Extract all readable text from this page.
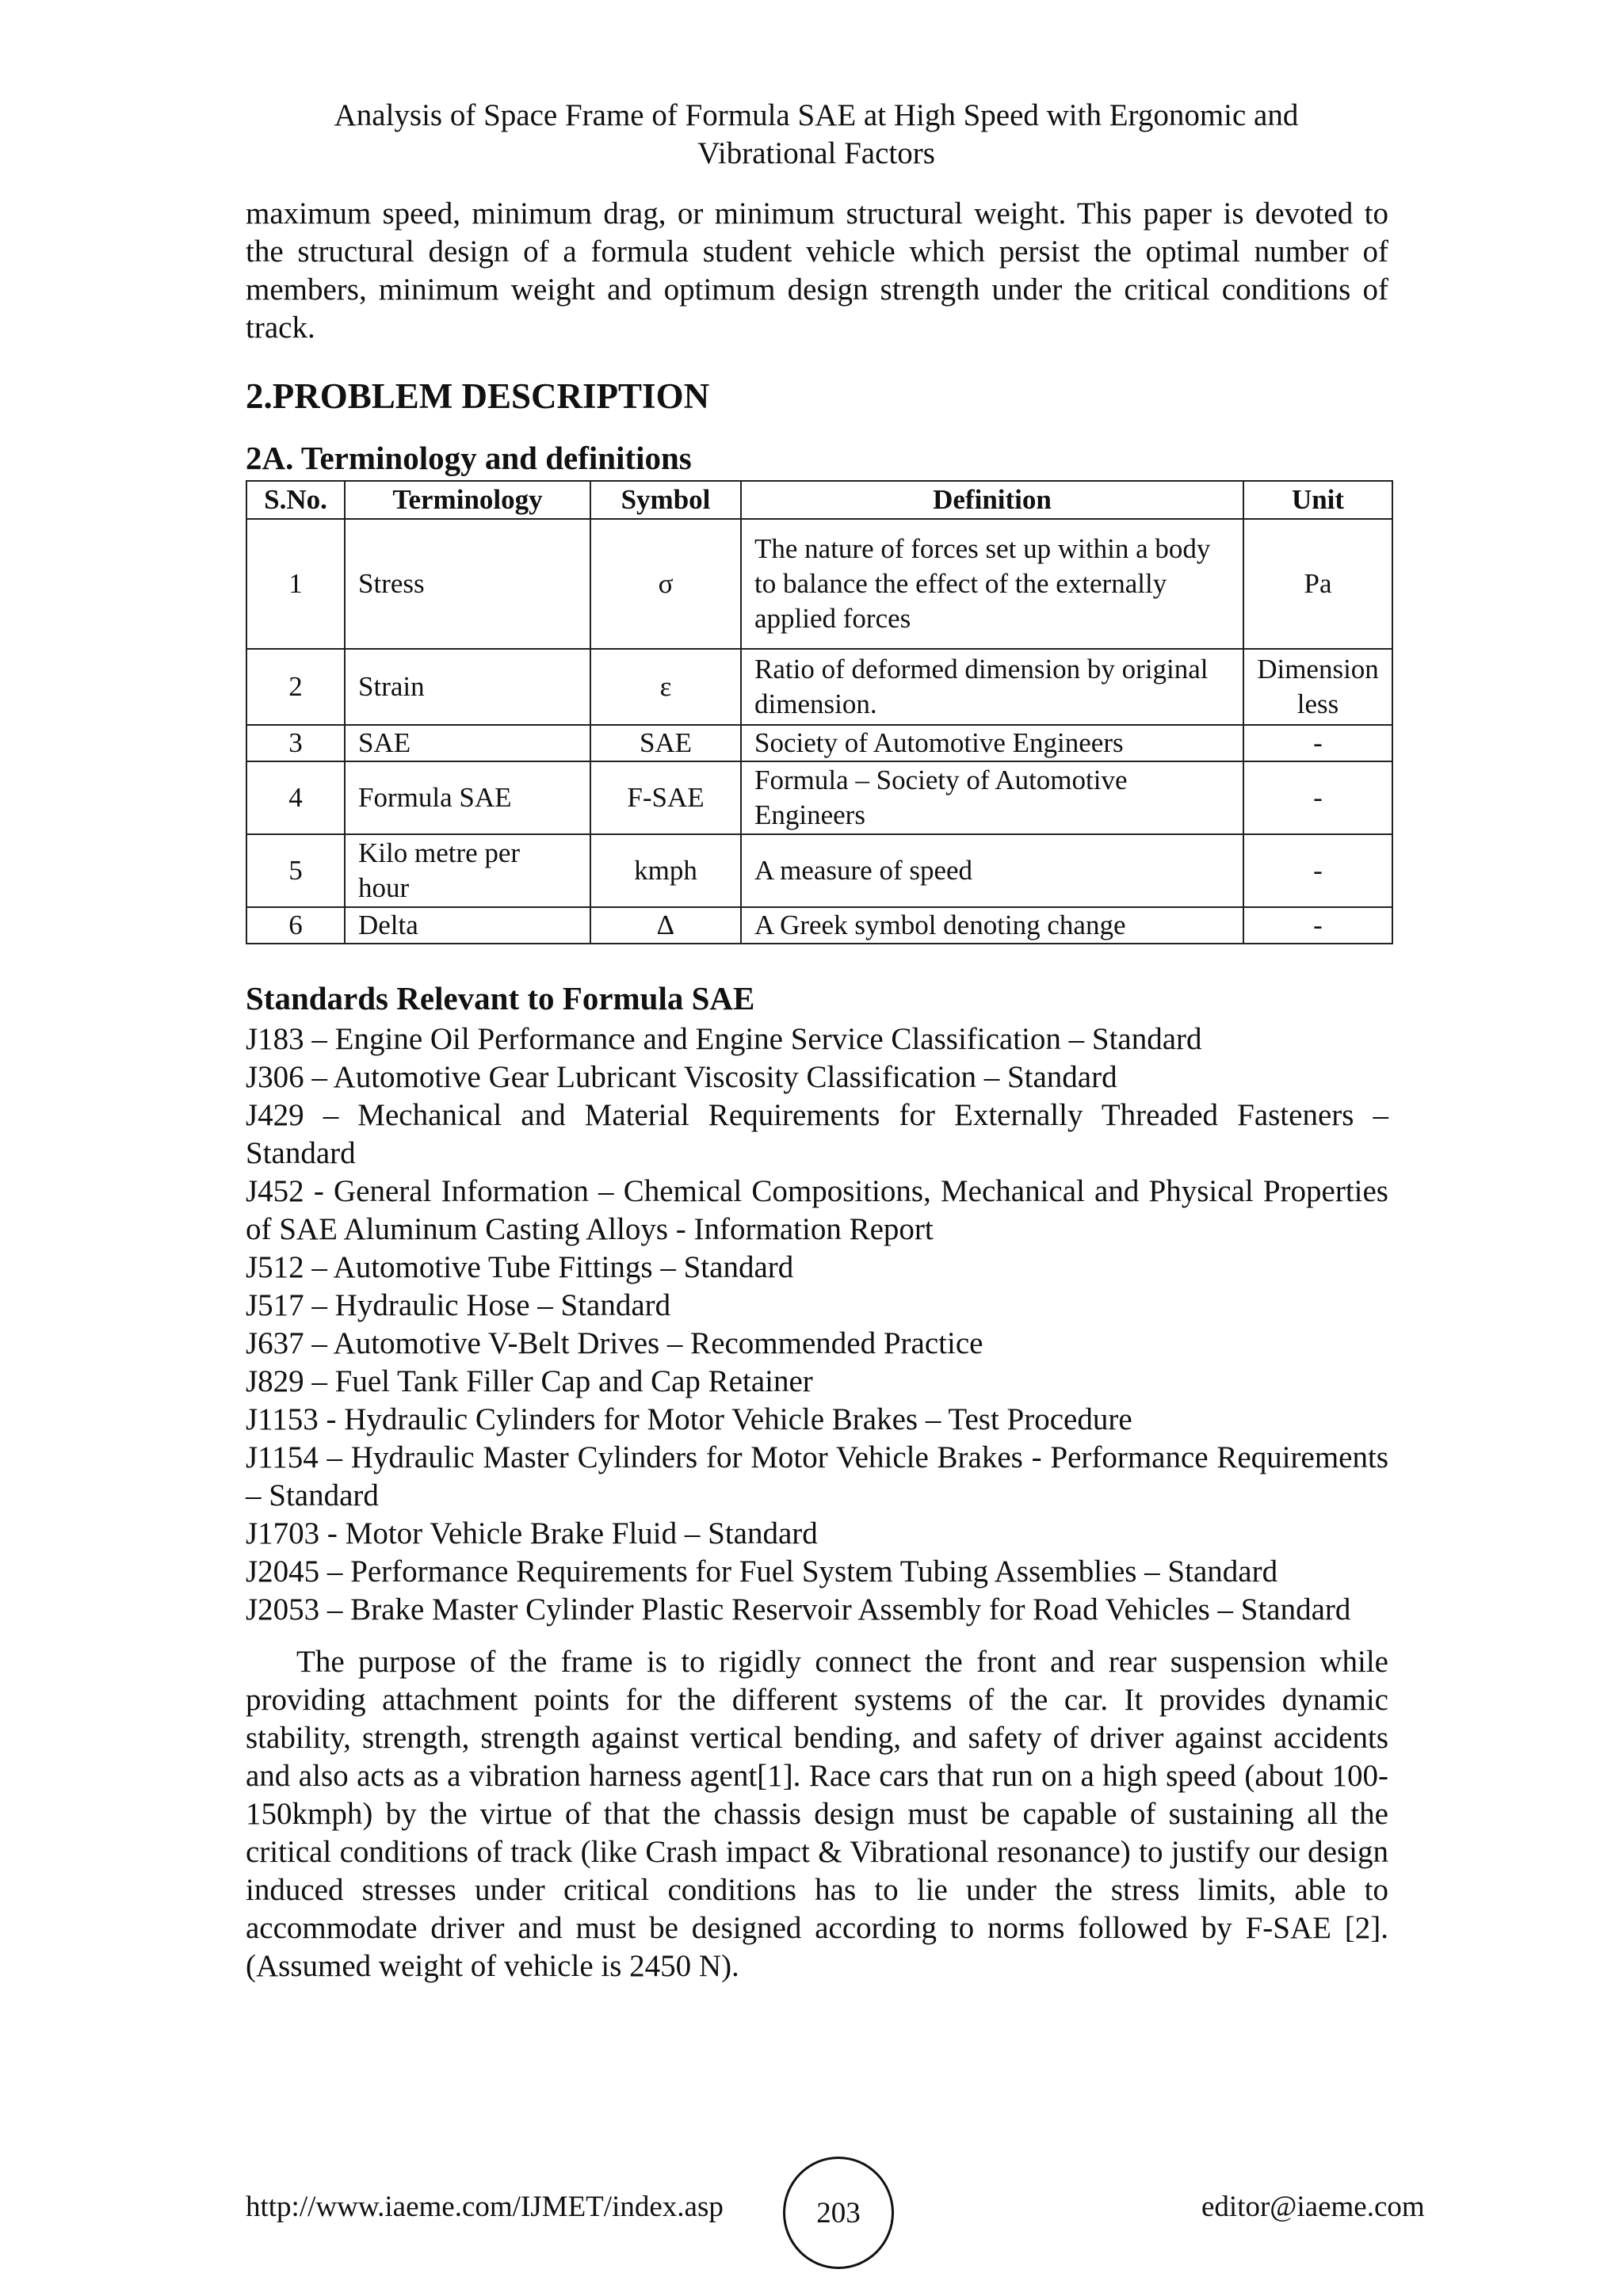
Analysis of Space Frame of Formula SAE at High Speed with Ergonomic and
Vibrational Factors

maximum speed, minimum drag, or minimum structural weight. This paper is devoted to the structural design of a formula student vehicle which persist the optimal number of members, minimum weight and optimum design strength under the critical conditions of track.

2.PROBLEM DESCRIPTION
2A. Terminology and definitions
S.No.	Terminology	Symbol	Definition	Unit
1	Stress	σ	The nature of forces set up within a body to balance the effect of the externally applied forces	Pa
2	Strain	ε	Ratio of deformed dimension by original dimension.	Dimensionless
3	SAE	SAE	Society of Automotive Engineers	-
4	Formula SAE	F-SAE	Formula – Society of Automotive Engineers	-
5	Kilo metre per hour	kmph	A measure of speed	-
6	Delta	∆	A Greek symbol denoting change	-
Standards Relevant to Formula SAE
J183 – Engine Oil Performance and Engine Service Classification – Standard
J306 – Automotive Gear Lubricant Viscosity Classification – Standard
J429 – Mechanical and Material Requirements for Externally Threaded Fasteners – Standard
J452 - General Information – Chemical Compositions, Mechanical and Physical Properties of SAE Aluminum Casting Alloys - Information Report
J512 – Automotive Tube Fittings – Standard
J517 – Hydraulic Hose – Standard
J637 – Automotive V-Belt Drives – Recommended Practice
J829 – Fuel Tank Filler Cap and Cap Retainer
J1153 - Hydraulic Cylinders for Motor Vehicle Brakes – Test Procedure
J1154 – Hydraulic Master Cylinders for Motor Vehicle Brakes - Performance Requirements – Standard
J1703 - Motor Vehicle Brake Fluid – Standard
J2045 – Performance Requirements for Fuel System Tubing Assemblies – Standard
J2053 – Brake Master Cylinder Plastic Reservoir Assembly for Road Vehicles – Standard

The purpose of the frame is to rigidly connect the front and rear suspension while providing attachment points for the different systems of the car. It provides dynamic stability, strength, strength against vertical bending, and safety of driver against accidents and also acts as a vibration harness agent[1]. Race cars that run on a high speed (about 100-150kmph) by the virtue of that the chassis design must be capable of sustaining all the critical conditions of track (like Crash impact & Vibrational resonance) to justify our design induced stresses under critical conditions has to lie under the stress limits, able to accommodate driver and must be designed according to norms followed by F-SAE [2]. (Assumed weight of vehicle is 2450 N).

http://www.iaeme.com/IJMET/index.asp	203	editor@iaeme.com
